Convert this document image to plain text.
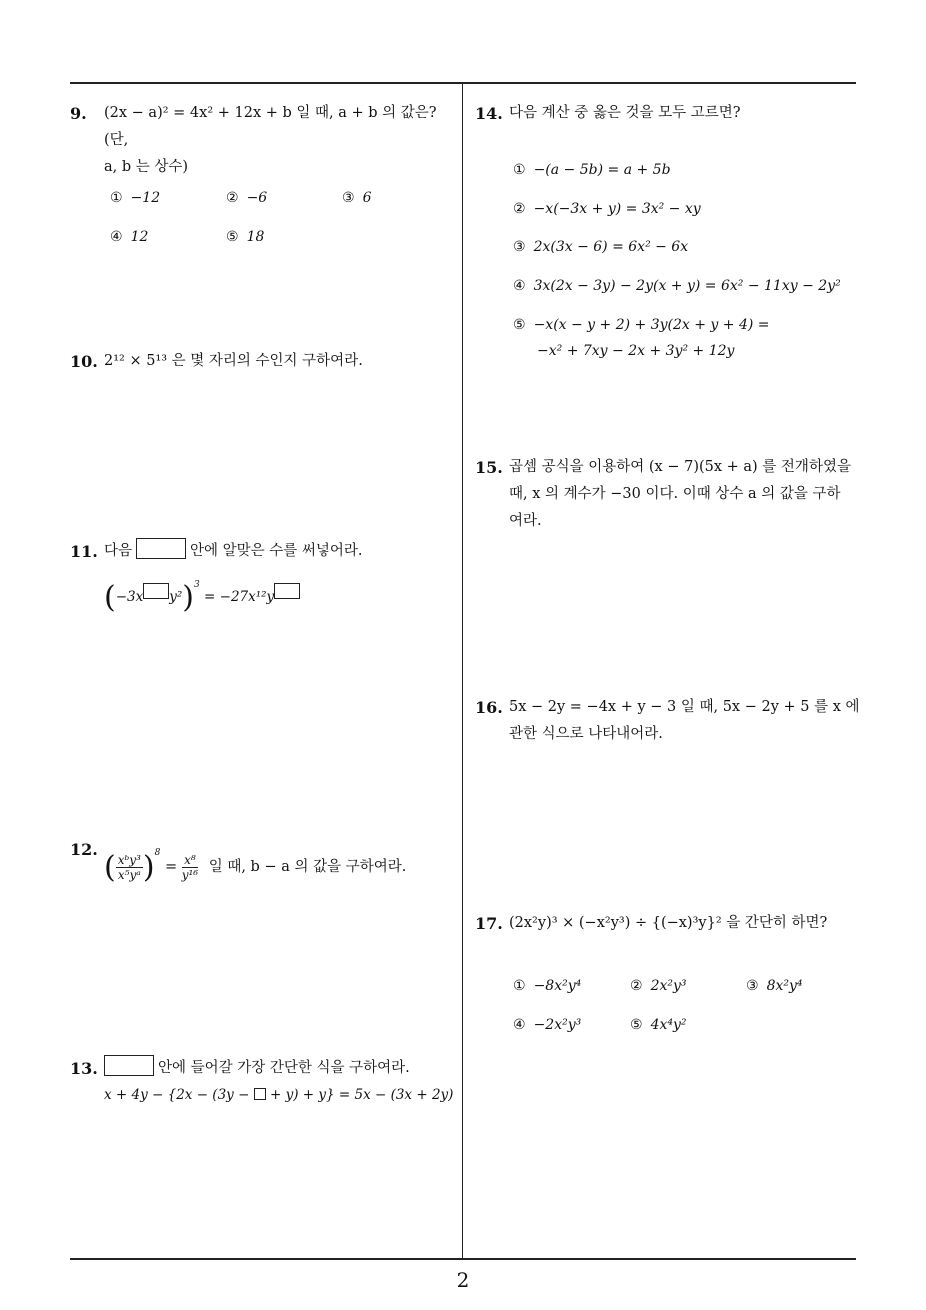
9. (2x − a)² = 4x² + 12x + b 일 때, a + b 의 값은?(단,
a, b 는 상수)
① −12	② −6	③ 6
④ 12	⑤ 18
10. 2¹² × 5¹³ 은 몇 자리의 수인지 구하여라.
11. 다음	안에 알맞은 수를 써넣어라.
(−3x y²)$^3$ = −27x¹²y
12.
( $\frac{\text{xᵇy³}}{\text{x⁵yᵃ}} )^8 = \frac{\text{x⁸}}{\text{y¹⁶}}$ 일 때, b − a 의 값을 구하여라.
13.	안에 들어갈 가장 간단한 식을 구하여라.
x + 4y − {2x − (3y − + y) + y} = 5x − (3x + 2y)
14. 다음 계산 중 옳은 것을 모두 고르면?
① −(a − 5b) = a + 5b
② −x(−3x + y) = 3x² − xy
③ 2x(3x − 6) = 6x² − 6x
④ 3x(2x − 3y) − 2y(x + y) = 6x² − 11xy − 2y²
⑤ −x(x − y + 2) + 3y(2x + y + 4) =
−x² + 7xy − 2x + 3y² + 12y
15. 곱셈 공식을 이용하여 (x − 7)(5x + a) 를 전개하였을
때, x 의 계수가 −30 이다. 이때 상수 a 의 값을 구하
여라.
16. 5x − 2y = −4x + y − 3 일 때, 5x − 2y + 5 를 x 에
관한 식으로 나타내어라.
17. (2x²y)³ × (−x²y³) ÷ {(−x)³y}² 을 간단히 하면?
① −8x²y⁴	② 2x²y³	③ 8x²y⁴
④ −2x²y³	⑤ 4x⁴y²
2
